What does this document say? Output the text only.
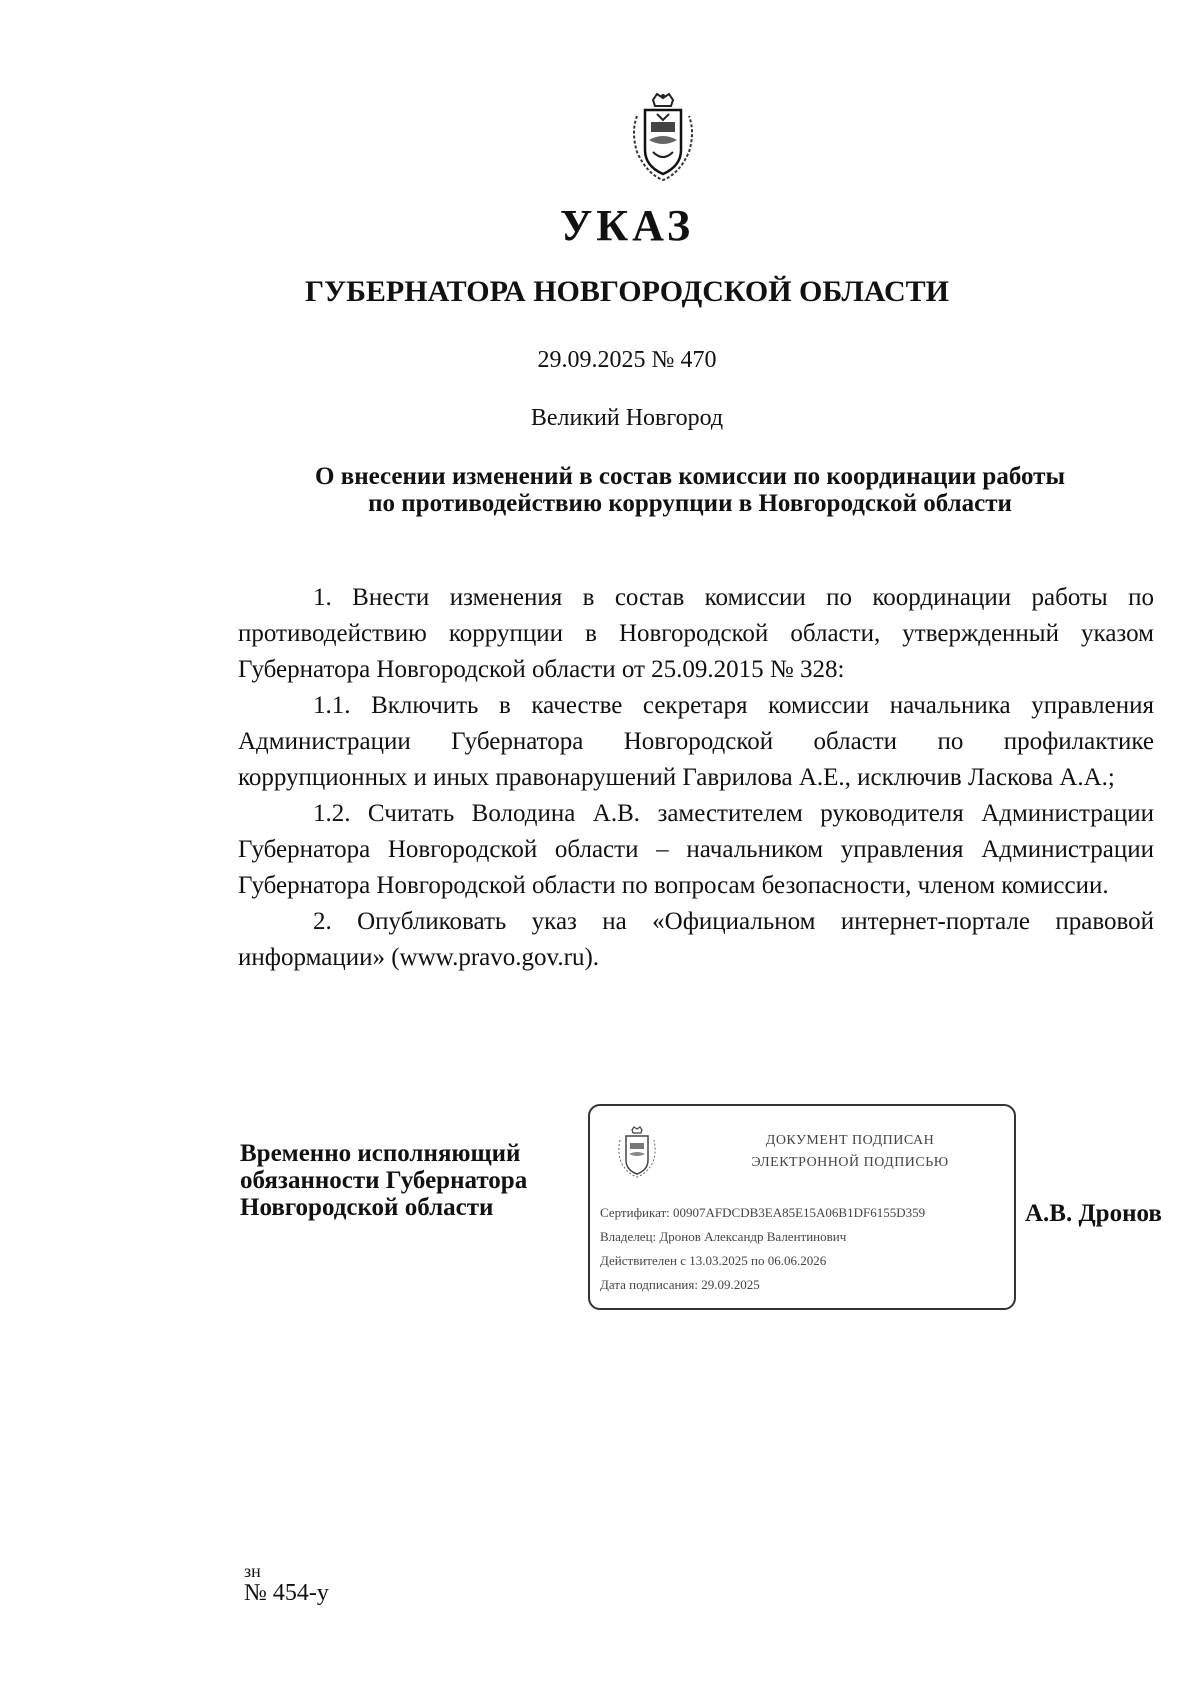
УКАЗ
ГУБЕРНАТОРА НОВГОРОДСКОЙ ОБЛАСТИ
29.09.2025 № 470
Великий Новгород
О внесении изменений в состав комиссии по координации работы
по противодействию коррупции в Новгородской области

1. Внести изменения в состав комиссии по координации работы по противодействию коррупции в Новгородской области, утвержденный указом Губернатора Новгородской области от 25.09.2015 № 328:

1.1. Включить в качестве секретаря комиссии начальника управления Администрации Губернатора Новгородской области по профилактике коррупционных и иных правонарушений Гаврилова А.Е., исключив Ласкова А.А.;

1.2. Считать Володина А.В. заместителем руководителя Администрации Губернатора Новгородской области – начальником управления Администрации Губернатора Новгородской области по вопросам безопасности, членом комиссии.

2. Опубликовать указ на «Официальном интернет-портале правовой информации» (www.pravo.gov.ru).

Временно исполняющий
обязанности Губернатора
Новгородской области
ДОКУМЕНТ ПОДПИСАН
ЭЛЕКТРОННОЙ ПОДПИСЬЮ
Сертификат: 00907AFDCDB3EA85E15A06B1DF6155D359
Владелец: Дронов Александр Валентинович
Действителен с 13.03.2025 по 06.06.2026
Дата подписания: 29.09.2025
А.В. Дронов
зн
№ 454-у
